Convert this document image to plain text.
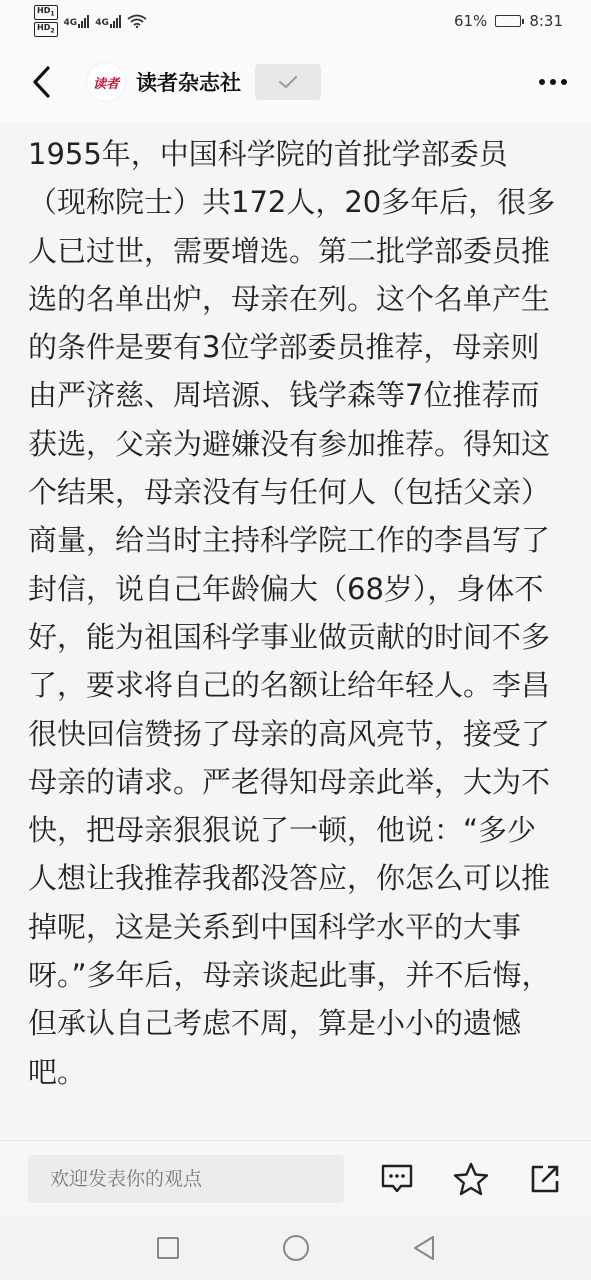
$HD_1$
$HD_2$
4G 4G	61%	8:31
读者 读者杂志社

1955年，中国科学院的首批学部委员（现称院士）共172人，20多年后，很多人已过世，需要增选。第二批学部委员推选的名单出炉，母亲在列。这个名单产生的条件是要有3位学部委员推荐，母亲则由严济慈、周培源、钱学森等7位推荐而获选，父亲为避嫌没有参加推荐。得知这个结果，母亲没有与任何人（包括父亲）商量，给当时主持科学院工作的李昌写了封信，说自己年龄偏大（68岁），身体不好，能为祖国科学事业做贡献的时间不多了，要求将自己的名额让给年轻人。李昌很快回信赞扬了母亲的高风亮节，接受了母亲的请求。严老得知母亲此举，大为不快，把母亲狠狠说了一顿，他说：“多少人想让我推荐我都没答应，你怎么可以推掉呢，这是关系到中国科学水平的大事呀。”多年后，母亲谈起此事，并不后悔，但承认自己考虑不周，算是小小的遗憾吧。

欢迎发表你的观点
